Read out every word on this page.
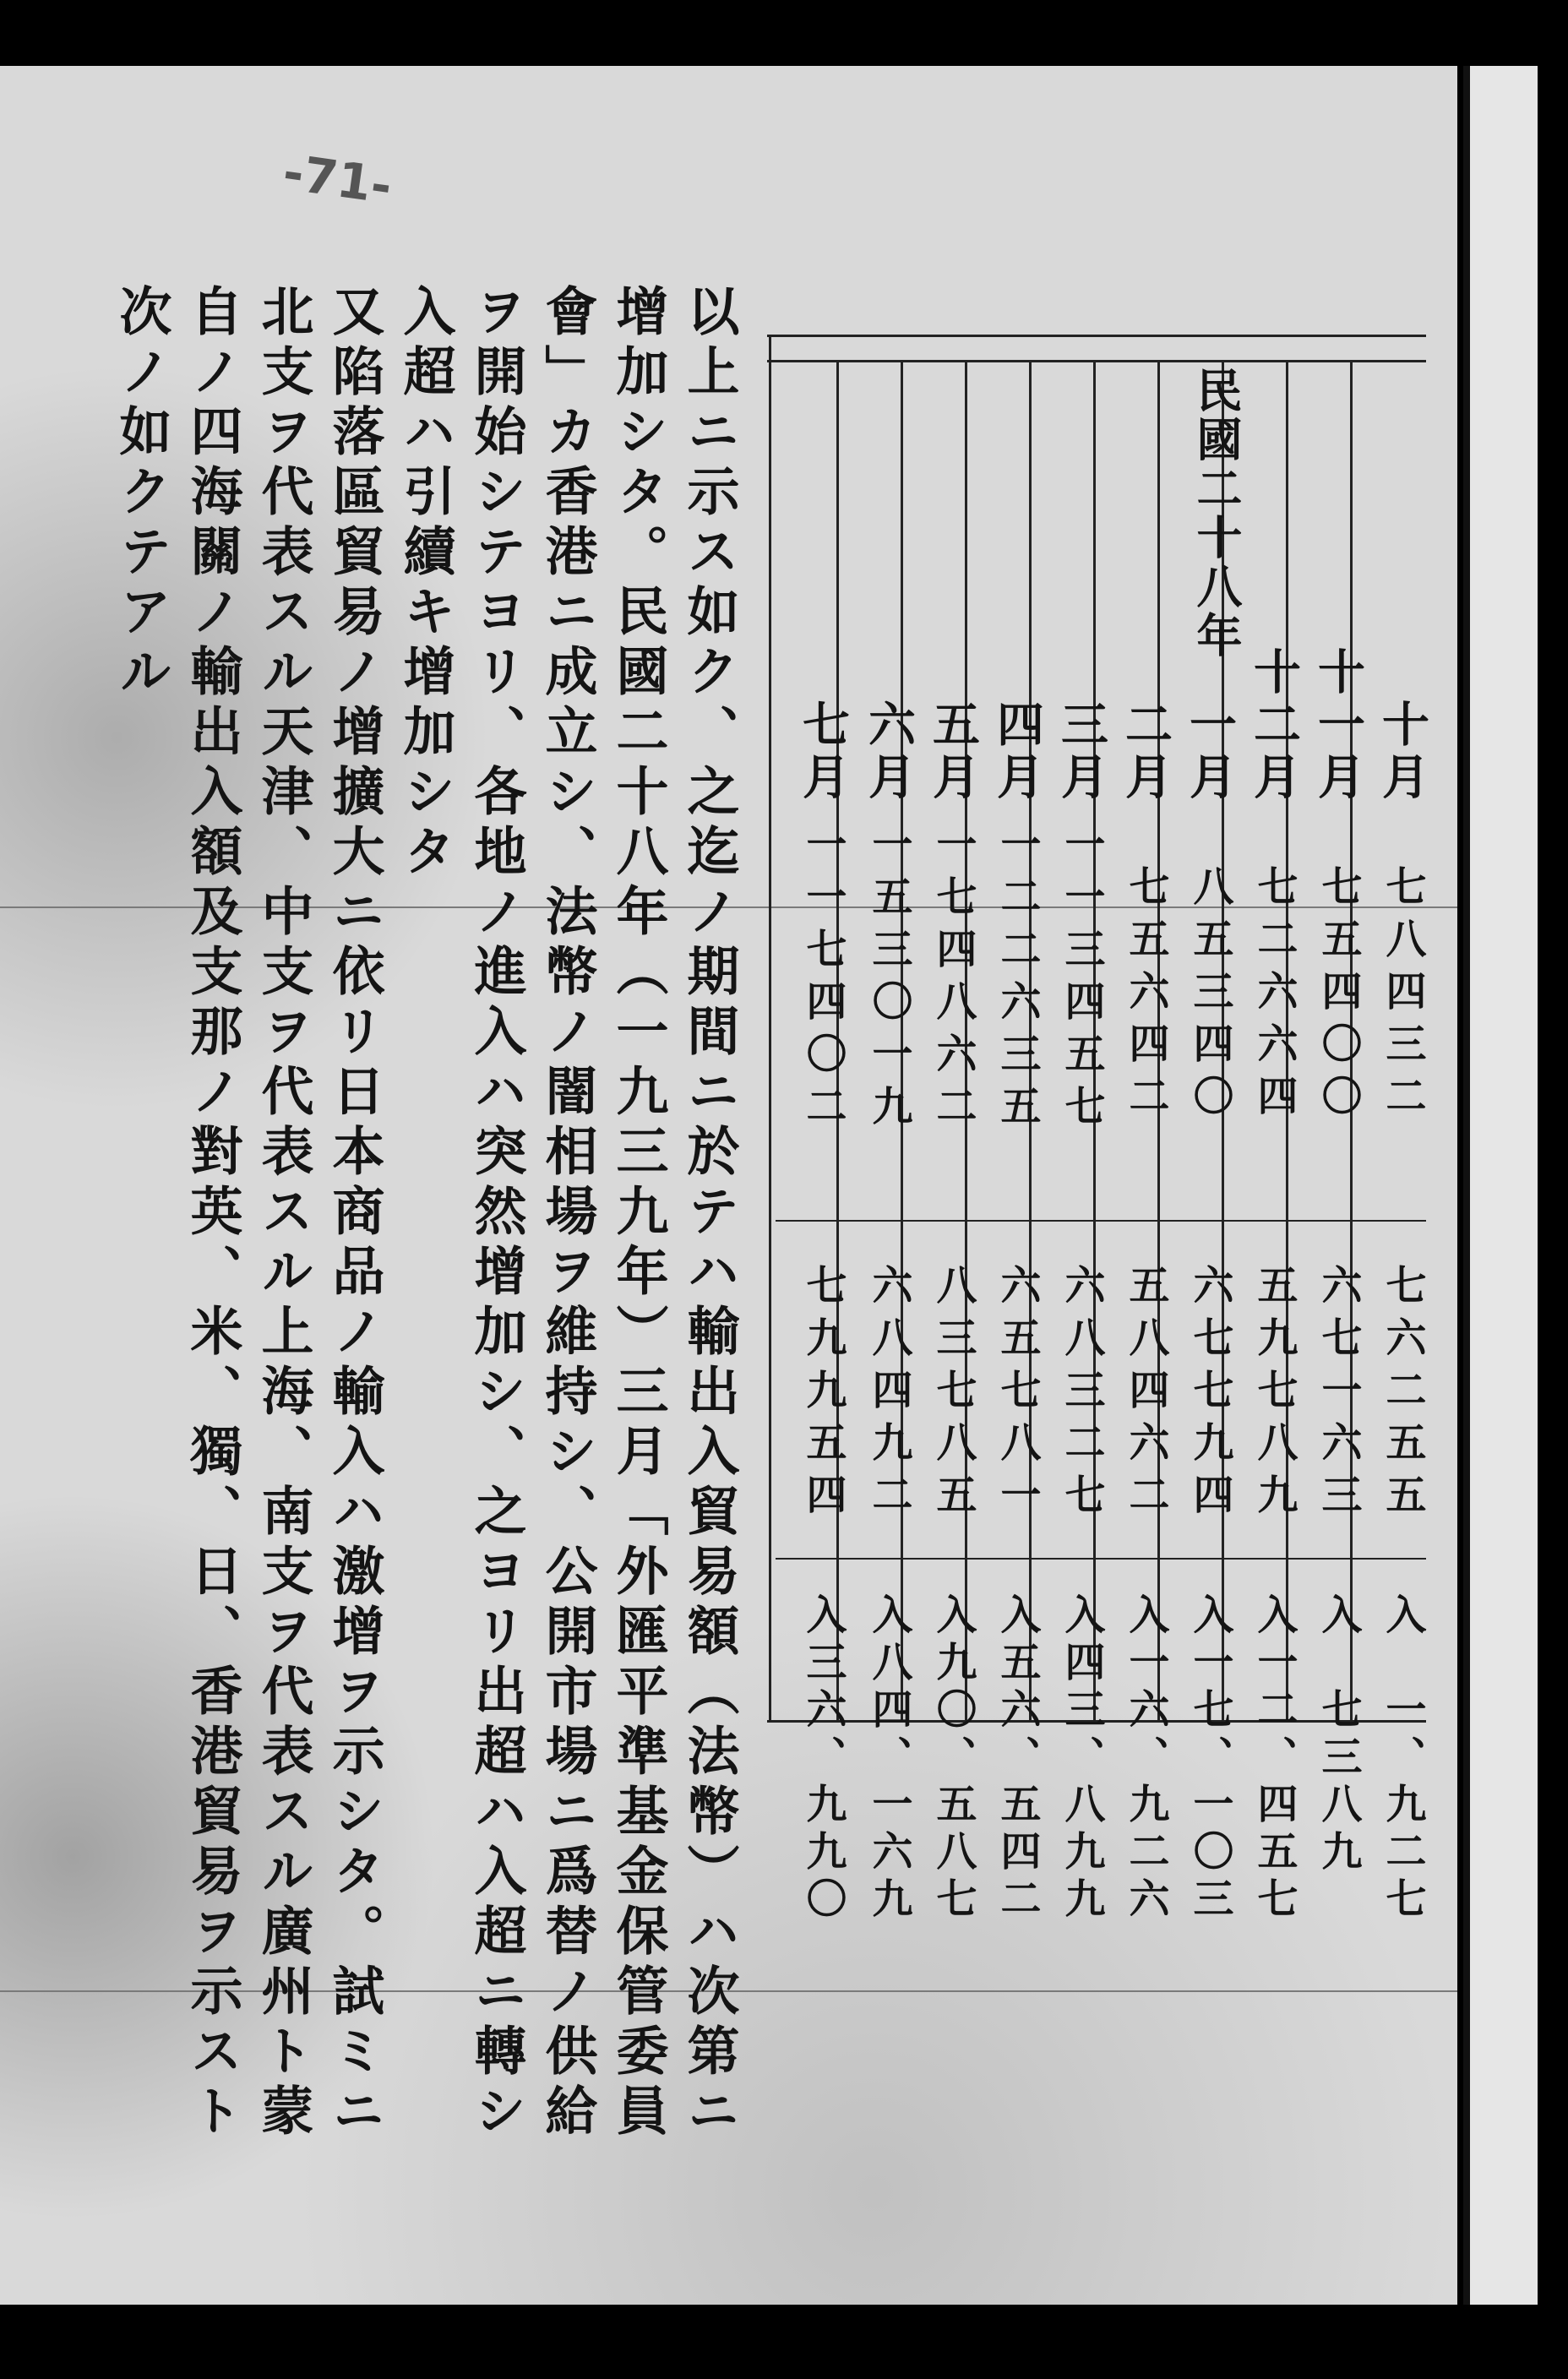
-71-
民國二十八年
十月
十一月
十二月
一月
二月
三月
四月
五月
六月
七月
七八四三二
七五四〇〇
七二六六四
八五三四〇
七五六四二
一一三四五七
一二二六三五
一七四八六二
一五三〇一九
一一七四〇二
七六二五五
六七一六三
五九七八九
六七七九四
五八四六二
六八三二七
六五七八一
八三七八五
六八四九二
七九九五四
入　一、九二七
入　七三八九
入一二、四五七
入一七、一〇三
入一六、九二六
入四三、八九九
入五六、五四二
入九〇、五八七
入八四、一六九
入三六、九九〇
以上ニ示ス如ク、之迄ノ期間ニ於テハ輸出入貿易額（法幣）ハ次第ニ
增加シタ。民國二十八年（一九三九年）三月「外匯平準基金保管委員
會」カ香港ニ成立シ、法幣ノ闇相場ヲ維持シ、公開市場ニ爲替ノ供給
ヲ開始シテヨリ、各地ノ進入ハ突然增加シ、之ヨリ出超ハ入超ニ轉シ
入超ハ引續キ增加シタ
又陷落區貿易ノ增擴大ニ依リ日本商品ノ輸入ハ激增ヲ示シタ。試ミニ
北支ヲ代表スル天津、中支ヲ代表スル上海、南支ヲ代表スル廣州ト蒙
自ノ四海關ノ輸出入額及支那ノ對英、米、獨、日、香港貿易ヲ示スト
次ノ如クテアル
